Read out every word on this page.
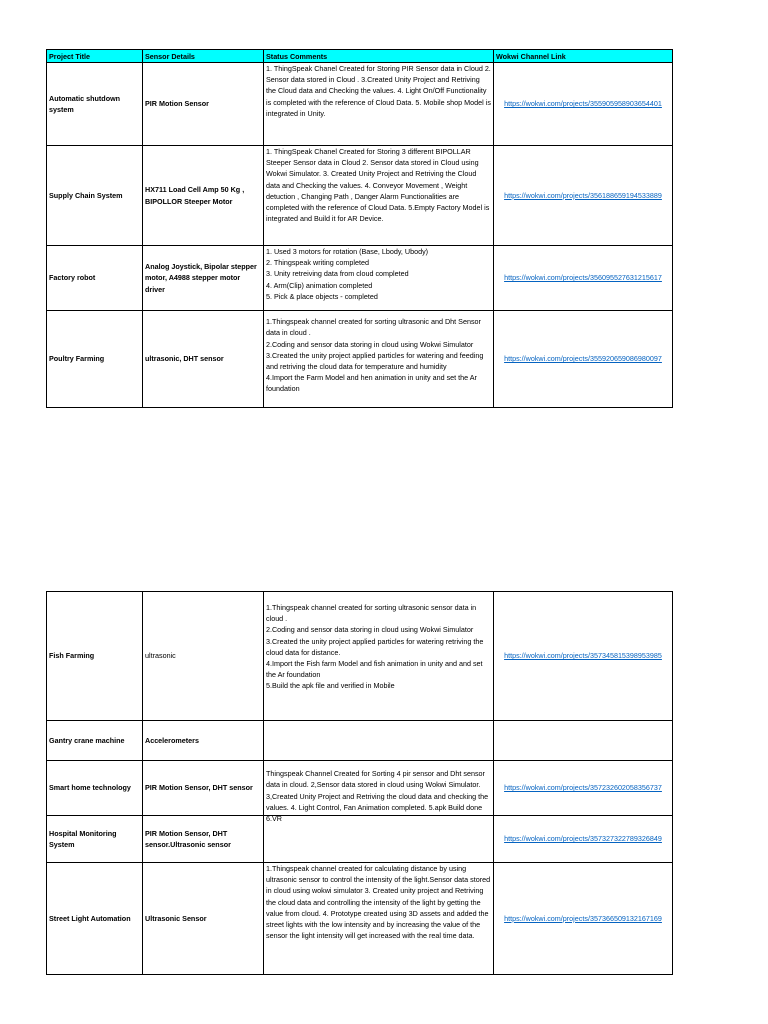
Project Title	Sensor Details	Status Comments	Wokwi Channel Link
Automatic shutdown system	PIR Motion Sensor	1. ThingSpeak Chanel Created for Storing PIR Sensor data in Cloud 2. Sensor data stored in Cloud . 3.Created Unity Project and Retriving the Cloud data and Checking the values. 4. Light On/Off Functionality is completed with the reference of Cloud Data. 5. Mobile shop Model is integrated in Unity.	https://wokwi.com/projects/355905958903654401
Supply Chain System	HX711 Load Cell Amp 50 Kg , BIPOLLOR Steeper Motor	1. ThingSpeak Chanel Created for Storing 3 different BIPOLLAR Steeper Sensor data in Cloud 2. Sensor data stored in Cloud using Wokwi Simulator. 3. Created Unity Project and Retriving the Cloud data and Checking the values. 4. Conveyor Movement , Weight detuction , Changing Path , Danger Alarm Functionalities are completed with the reference of Cloud Data. 5.Empty Factory Model is integrated and Build it for AR Device.	https://wokwi.com/projects/356188659194533889
Factory robot	Analog Joystick, Bipolar stepper motor, A4988 stepper motor driver	1. Used 3 motors for rotation (Base, Lbody, Ubody)
2. Thingspeak writing completed
3. Unity retreiving data from cloud completed
4. Arm(Clip) animation completed
5. Pick & place objects - completed	https://wokwi.com/projects/356095527631215617
Poultry Farming	ultrasonic, DHT sensor	1.Thingspeak channel created for sorting ultrasonic and Dht Sensor data in cloud .
2.Coding and sensor data storing in cloud using Wokwi Simulator
3.Created the unity project applied particles for watering and feeding and retriving the cloud data for temperature and humidity
4.Import the Farm Model and hen animation in unity and set the Ar foundation	https://wokwi.com/projects/355920659086980097
Fish Farming	ultrasonic	1.Thingspeak channel created for sorting ultrasonic sensor data in cloud .
2.Coding and sensor data storing in cloud using Wokwi Simulator
3.Created the unity project applied particles for watering retriving the cloud data for distance.
4.Import the Fish farm Model and fish animation in unity and and set the Ar foundation
5.Build the apk file and verified in Mobile	https://wokwi.com/projects/357345815398953985
Gantry crane machine	Accelerometers		
Smart home technology	PIR Motion Sensor, DHT sensor	Thingspeak Channel Created for Sorting 4 pir sensor and Dht sensor data in cloud. 2,Sensor data stored in cloud using Wokwi Simulator. 3,Created Unity Project and Retriving the cloud data and checking the values. 4. Light Control, Fan Animation completed. 5.apk Build done 6.VR	https://wokwi.com/projects/357232602058356737
Hospital Monitoring System	PIR Motion Sensor, DHT sensor.Ultrasonic sensor		https://wokwi.com/projects/357327322789326849
Street Light Automation	Ultrasonic Sensor	1.Thingspeak channel created for calculating distance by using ultrasonic sensor to control the intensity of the light.Sensor data stored in cloud using wokwi simulator 3. Created unity project and Retriving the cloud data and controlling the intensity of the light by getting the value from cloud. 4. Prototype created using 3D assets and added the street lights with the low intensity and by increasing the value of the sensor the light intensity will get increased with the real time data.	https://wokwi.com/projects/357366509132167169
